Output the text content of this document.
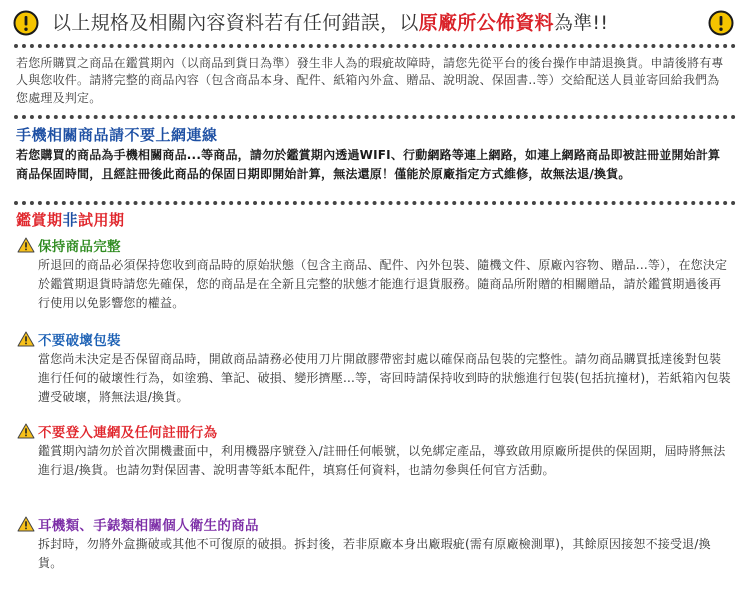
以上規格及相關內容資料若有任何錯誤，以原廠所公佈資料為準!!
若您所購買之商品在鑑賞期內（以商品到貨日為準）發生非人為的瑕疵故障時，請您先從平台的後台操作申請退換貨。申請後將有專人與您收件。請將完整的商品內容（包含商品本身、配件、紙箱內外盒、贈品、說明說、保固書..等）交給配送人員並寄回給我們為您處理及判定。
手機相關商品請不要上網連線
若您購買的商品為手機相關商品...等商品，請勿於鑑賞期內透過WIFI、行動網路等連上網路，如連上網路商品即被註冊並開始計算商品保固時間，且經註冊後此商品的保固日期即開始計算，無法還原！僅能於原廠指定方式維修，故無法退/換貨。
鑑賞期非試用期
保持商品完整
所退回的商品必須保持您收到商品時的原始狀態（包含主商品、配件、內外包裝、隨機文件、原廠內容物、贈品...等），在您決定於鑑賞期退貨時請您先確保，您的商品是在全新且完整的狀態才能進行退貨服務。隨商品所附贈的相關贈品，請於鑑賞期過後再行使用以免影響您的權益。
不要破壞包裝
當您尚未決定是否保留商品時，開啟商品請務必使用刀片開啟膠帶密封處以確保商品包裝的完整性。請勿商品購買抵達後對包裝進行任何的破壞性行為，如塗鴉、筆記、破損、變形擠壓...等，寄回時請保持收到時的狀態進行包裝(包括抗撞材)，若紙箱內包裝遭受破壞，將無法退/換貨。
不要登入連網及任何註冊行為
鑑賞期內請勿於首次開機畫面中，利用機器序號登入/註冊任何帳號，以免綁定產品，導致啟用原廠所提供的保固期，屆時將無法進行退/換貨。也請勿對保固書、說明書等紙本配件，填寫任何資料，也請勿參與任何官方活動。
耳機類、手錶類相關個人衛生的商品
拆封時，勿將外盒撕破或其他不可復原的破損。拆封後，若非原廠本身出廠瑕疵(需有原廠檢測單)，其餘原因接恕不接受退/換貨。
